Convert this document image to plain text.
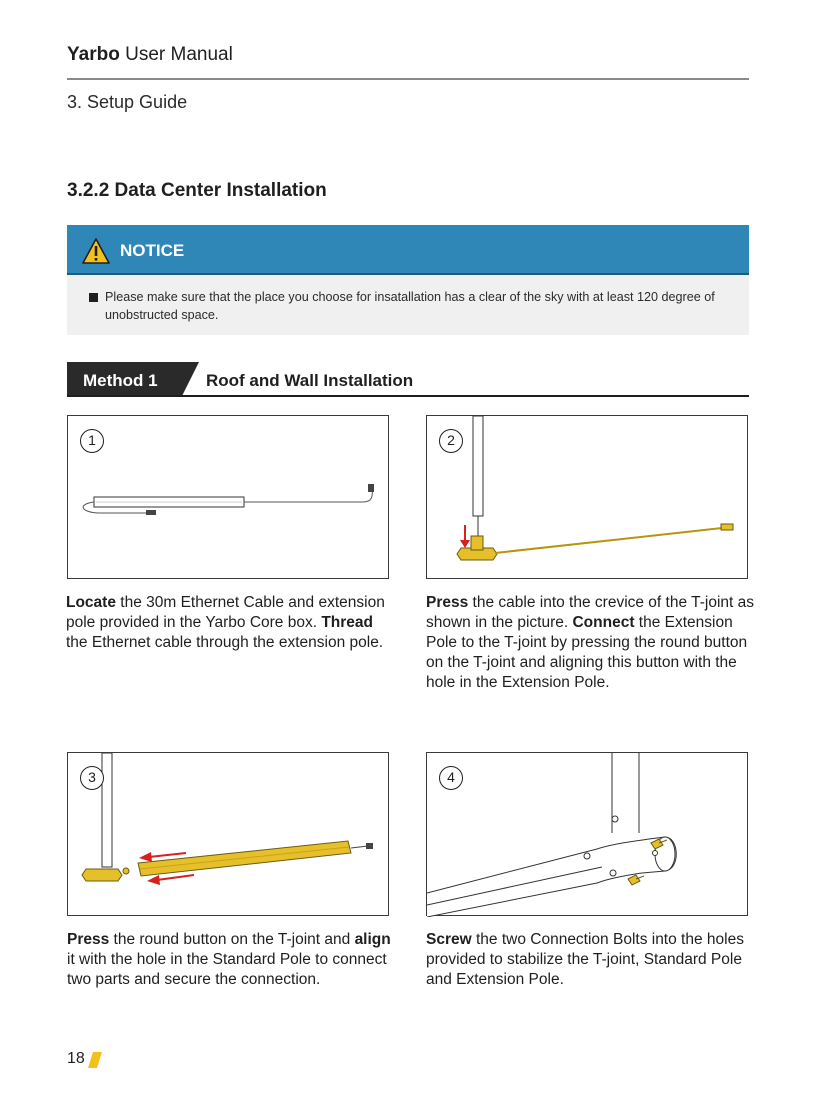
Yarbo User Manual
3. Setup Guide
3.2.2 Data Center Installation
NOTICE
Please make sure that the place you choose for insatallation has a clear of the sky with at least 120 degree of unobstructed space.
Method 1	Roof and Wall Installation
1	2
Locate the 30m Ethernet Cable and extension pole provided in the Yarbo Core box. Thread the Ethernet cable through the extension pole.
Press the cable into the crevice of the T-joint as shown in the picture. Connect the Extension Pole to the T-joint by pressing the round button on the T-joint and aligning this button with the hole in the Extension Pole.
3	4
Press the round button on the T-joint and align it with the hole in the Standard Pole to connect two parts and secure the connection.
Screw the two Connection Bolts into the holes provided to stabilize the T-joint, Standard Pole and Extension Pole.
18
